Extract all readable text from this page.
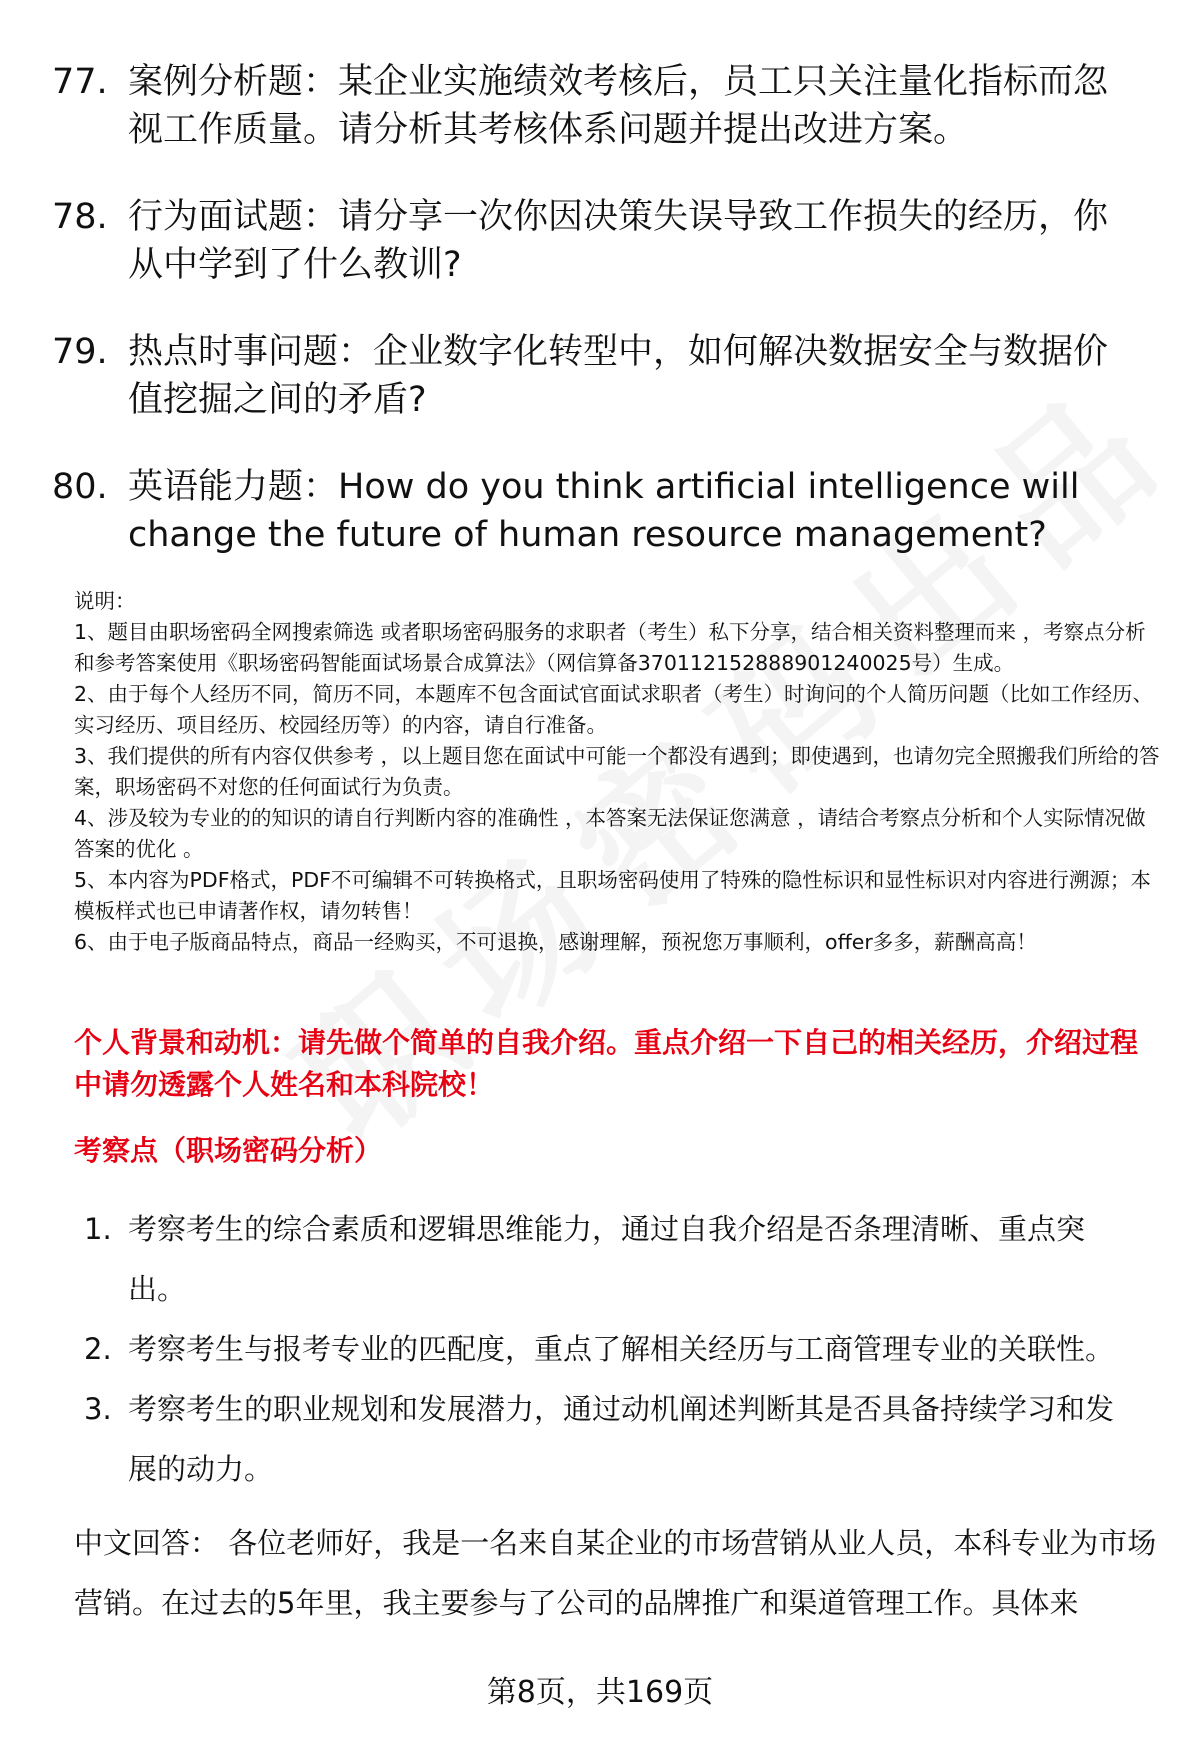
77. 案例分析题：某企业实施绩效考核后，员工只关注量化指标而忽视工作质量。请分析其考核体系问题并提出改进方案。
78. 行为面试题：请分享一次你因决策失误导致工作损失的经历，你从中学到了什么教训?
79. 热点时事问题：企业数字化转型中，如何解决数据安全与数据价值挖掘之间的矛盾?
80. 英语能力题：How do you think artificial intelligence will change the future of human resource management?

说明：

1、题目由职场密码全网搜索筛选 或者职场密码服务的求职者（考生）私下分享，结合相关资料整理而来 ，考察点分析和参考答案使用《职场密码智能面试场景合成算法》（网信算备370112152888901240025号）生成。

2、由于每个人经历不同，简历不同，本题库不包含面试官面试求职者（考生）时询问的个人简历问题（比如工作经历、实习经历、项目经历、校园经历等）的内容，请自行准备。

3、我们提供的所有内容仅供参考 ，以上题目您在面试中可能一个都没有遇到；即使遇到，也请勿完全照搬我们所给的答案，职场密码不对您的任何面试行为负责。

4、涉及较为专业的的知识的请自行判断内容的准确性 ，本答案无法保证您满意 ，请结合考察点分析和个人实际情况做答案的优化 。

5、本内容为PDF格式，PDF不可编辑不可转换格式，且职场密码使用了特殊的隐性标识和显性标识对内容进行溯源；本模板样式也已申请著作权，请勿转售！

6、由于电子版商品特点，商品一经购买，不可退换，感谢理解，预祝您万事顺利，offer多多，薪酬高高！

个人背景和动机：请先做个简单的自我介绍。重点介绍一下自己的相关经历，介绍过程中请勿透露个人姓名和本科院校！
考察点（职场密码分析）
1. 考察考生的综合素质和逻辑思维能力，通过自我介绍是否条理清晰、重点突出。
2. 考察考生与报考专业的匹配度，重点了解相关经历与工商管理专业的关联性。
3. 考察考生的职业规划和发展潜力，通过动机阐述判断其是否具备持续学习和发展的动力。
中文回答： 各位老师好，我是一名来自某企业的市场营销从业人员，本科专业为市场营销。在过去的5年里，我主要参与了公司的品牌推广和渠道管理工作。具体来
第8页，共169页
